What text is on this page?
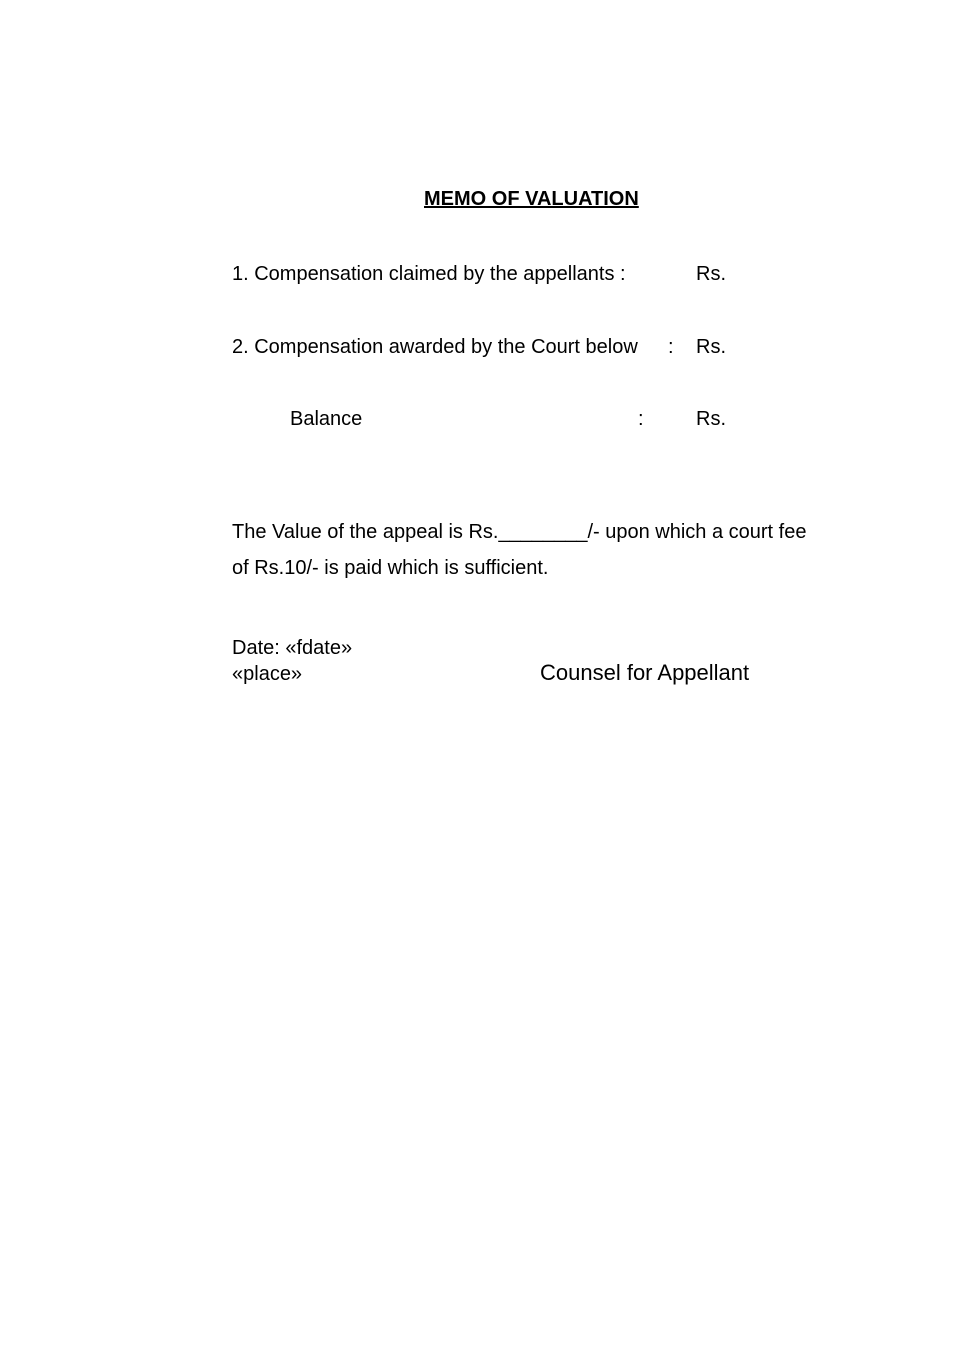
MEMO OF VALUATION
1. Compensation claimed by the appellants :	Rs.
2. Compensation awarded by the Court below : Rs.
Balance	:	Rs.
The Value of the appeal is Rs.________/- upon which a court fee
of Rs.10/- is paid which is sufficient.
Date: «fdate»
«place»	Counsel for Appellant
